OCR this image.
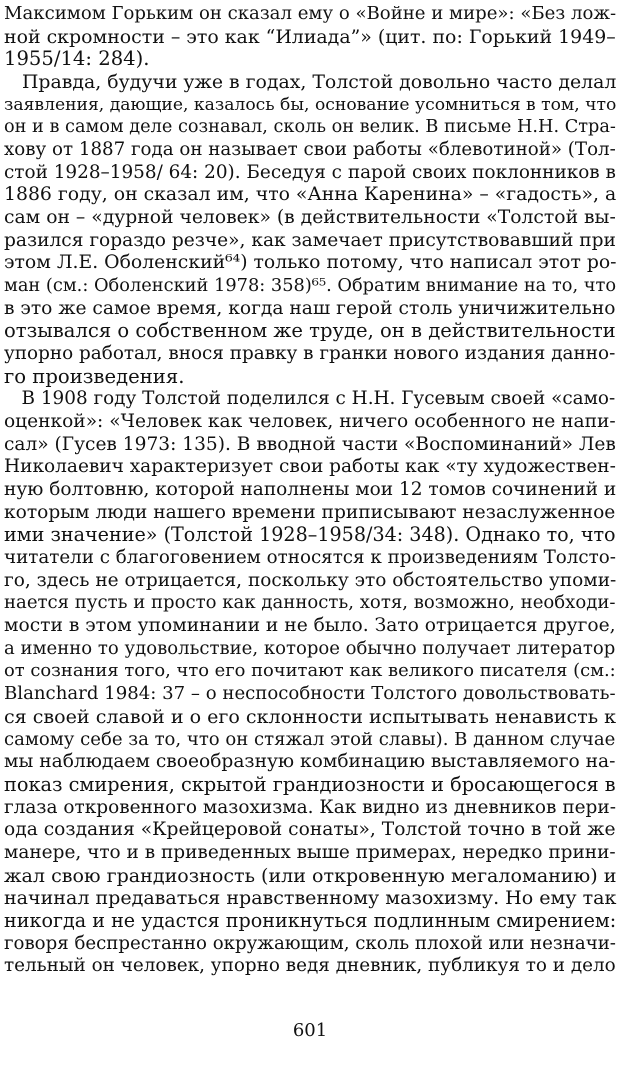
Максимом Горьким он сказал ему о «Войне и мире»: «Без лож-
ной скромности – это как “Илиада”» (цит. по: Горький 1949–
1955/14: 284).
Правда, будучи уже в годах, Толстой довольно часто делал
заявления, дающие, казалось бы, основание усомниться в том, что
он и в самом деле сознавал, сколь он велик. В письме Н.Н. Стра-
хову от 1887 года он называет свои работы «блевотиной» (Тол-
стой 1928–1958/ 64: 20). Беседуя с парой своих поклонников в
1886 году, он сказал им, что «Анна Каренина» – «гадость», а
сам он – «дурной человек» (в действительности «Толстой вы-
разился гораздо резче», как замечает присутствовавший при
этом Л.Е. Оболенский⁶⁴) только потому, что написал этот ро-
ман (см.: Оболенский 1978: 358)⁶⁵. Обратим внимание на то, что
в это же самое время, когда наш герой столь уничижительно
отзывался о собственном же труде, он в действительности
упорно работал, внося правку в гранки нового издания данно-
го произведения.
В 1908 году Толстой поделился с Н.Н. Гусевым своей «само-
оценкой»: «Человек как человек, ничего особенного не напи-
сал» (Гусев 1973: 135). В вводной части «Воспоминаний» Лев
Николаевич характеризует свои работы как «ту художествен-
ную болтовню, которой наполнены мои 12 томов сочинений и
которым люди нашего времени приписывают незаслуженное
ими значение» (Толстой 1928–1958/34: 348). Однако то, что
читатели с благоговением относятся к произведениям Толсто-
го, здесь не отрицается, поскольку это обстоятельство упоми-
нается пусть и просто как данность, хотя, возможно, необходи-
мости в этом упоминании и не было. Зато отрицается другое,
а именно то удовольствие, которое обычно получает литератор
от сознания того, что его почитают как великого писателя (см.:
Blanchard 1984: 37 – о неспособности Толстого довольствовать-
ся своей славой и о его склонности испытывать ненависть к
самому себе за то, что он стяжал этой славы). В данном случае
мы наблюдаем своеобразную комбинацию выставляемого на-
показ смирения, скрытой грандиозности и бросающегося в
глаза откровенного мазохизма. Как видно из дневников пери-
ода создания «Крейцеровой сонаты», Толстой точно в той же
манере, что и в приведенных выше примерах, нередко прини-
жал свою грандиозность (или откровенную мегаломанию) и
начинал предаваться нравственному мазохизму. Но ему так
никогда и не удастся проникнуться подлинным смирением:
говоря беспрестанно окружающим, сколь плохой или незначи-
тельный он человек, упорно ведя дневник, публикуя то и дело
601
